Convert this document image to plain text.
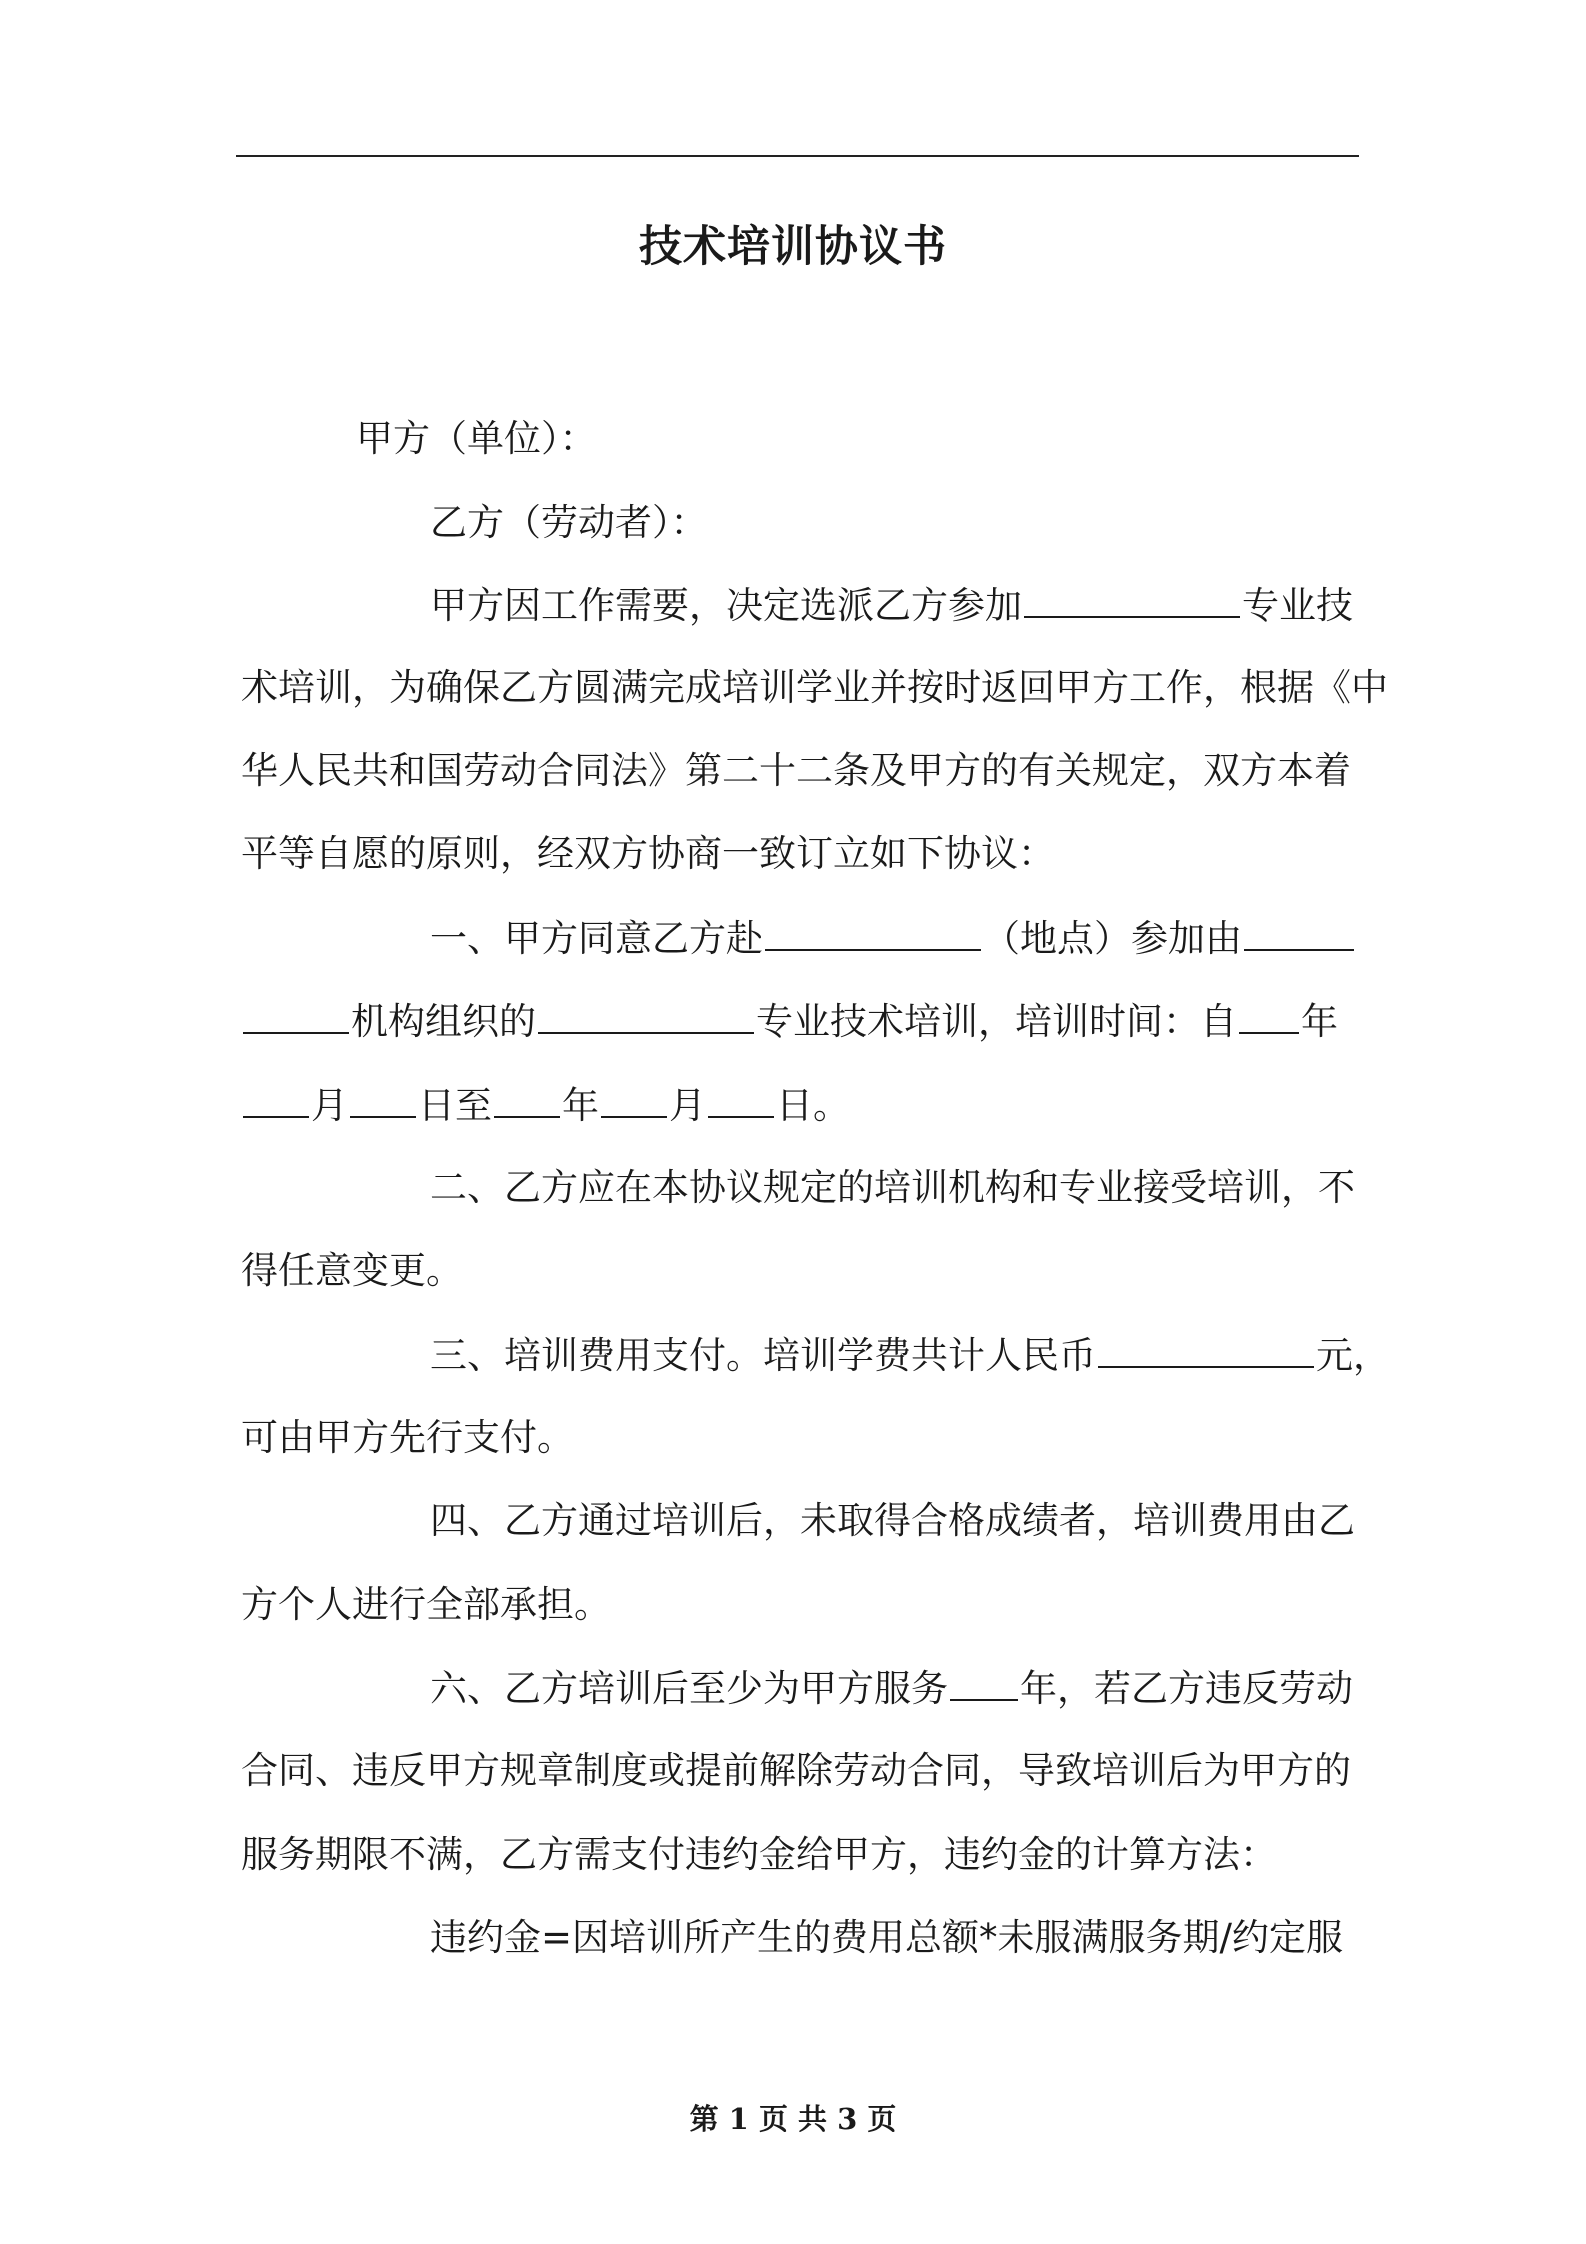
技术培训协议书
甲方（单位）：
乙方（劳动者）：
甲方因工作需要，决定选派乙方参加	专业技
术培训，为确保乙方圆满完成培训学业并按时返回甲方工作，根据《中
华人民共和国劳动合同法》第二十二条及甲方的有关规定，双方本着
平等自愿的原则，经双方协商一致订立如下协议：
一、甲方同意乙方赴	（地点）参加由
机构组织的	专业技术培训，培训时间：自 年
月 日至 年 月 日。
二、乙方应在本协议规定的培训机构和专业接受培训，不
得任意变更。
三、培训费用支付。培训学费共计人民币	元，
可由甲方先行支付。
四、乙方通过培训后，未取得合格成绩者，培训费用由乙
方个人进行全部承担。
六、乙方培训后至少为甲方服务 年，若乙方违反劳动
合同、违反甲方规章制度或提前解除劳动合同，导致培训后为甲方的
服务期限不满，乙方需支付违约金给甲方，违约金的计算方法：
违约金=因培训所产生的费用总额*未服满服务期/约定服
第 1 页 共 3 页
